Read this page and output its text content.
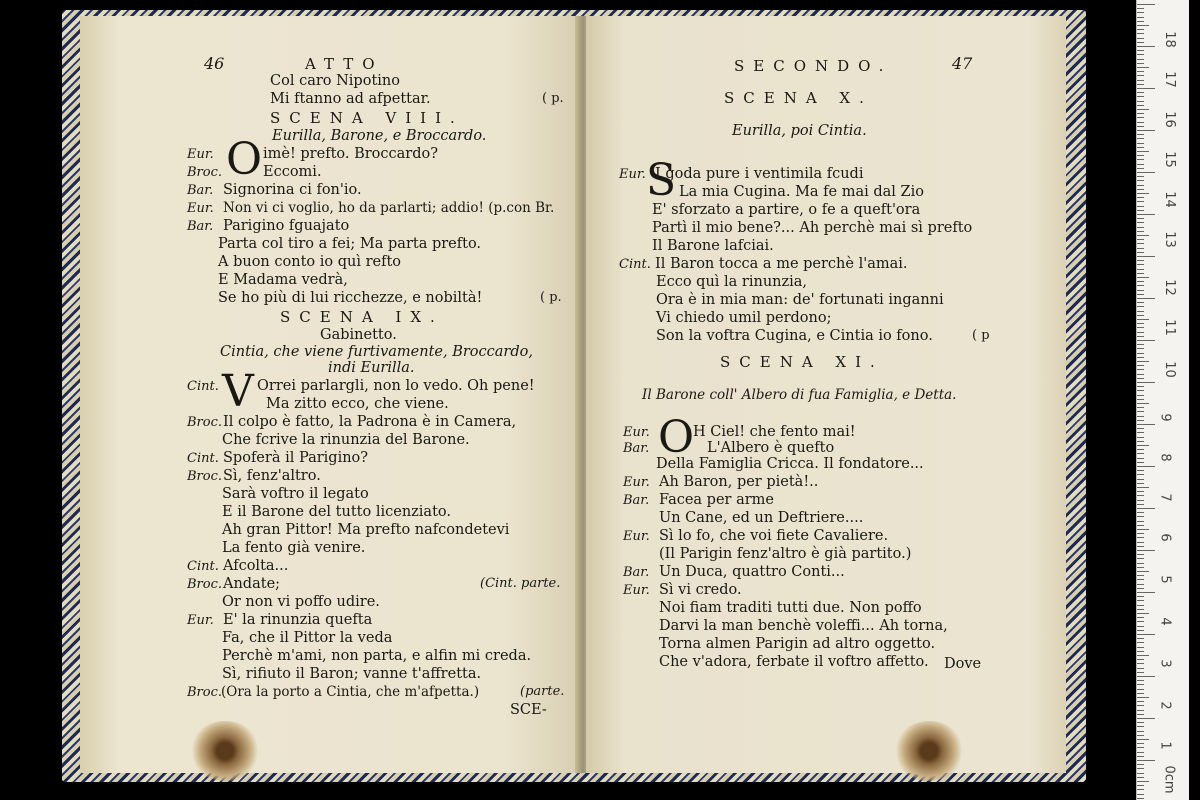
46	ATTO
Col caro Nipotino
Mi ftanno ad afpettar.	( p.
SCENA VIII.
Eurilla, Barone, e Broccardo.
O
Eur.	imè! prefto. Broccardo?
Broc.	Eccomi.
Bar. Signorina ci fon'io.
Eur. Non vi ci voglio, ho da parlarti; addio! (p.con Br.
Bar. Parigino fguajato
Parta col tiro a fei; Ma parta prefto.
A buon conto io quì refto
E Madama vedrà,
Se ho più di lui ricchezze, e nobiltà!	( p.
SCENA IX.
Gabinetto.
Cintia, che viene furtivamente, Broccardo,
indi Eurilla.
V
Cint.	Orrei parlargli, non lo vedo. Oh pene!
Ma zitto ecco, che viene.
Broc.Il colpo è fatto, la Padrona è in Camera,
Che fcrive la rinunzia del Barone.
Cint. Spoferà il Parigino?
Broc.Sì, fenz'altro.
Sarà voftro il legato
E il Barone del tutto licenziato.
Ah gran Pittor! Ma prefto nafcondetevi
La fento già venire.
Cint. Afcolta...
Broc.Andate;	(Cint. parte.
Or non vi poffo udire.
Eur. E' la rinunzia quefta
Fa, che il Pittor la veda
Perchè m'ami, non parta, e alfin mi creda.
Sì, rifiuto il Baron; vanne t'affretta.
Broc.(Ora la porto a Cintia, che m'afpetta.)	(parte.
SCE-
SECONDO.	47
SCENA X.
Eurilla, poi Cintia.
S
Eur. I goda pure i ventimila fcudi
La mia Cugina. Ma fe mai dal Zio
E' sforzato a partire, o fe a queft'ora
Partì il mio bene?... Ah perchè mai sì prefto
Il Barone lafciai.
Cint. Il Baron tocca a me perchè l'amai.
Ecco quì la rinunzia,
Ora è in mia man: de' fortunati inganni
Vi chiedo umil perdono;
Son la voftra Cugina, e Cintia io fono.	( p
SCENA XI.
Il Barone coll' Albero di fua Famiglia, e Detta.
O
Eur.	H Ciel! che fento mai!
Bar.	L'Albero è quefto
Della Famiglia Cricca. Il fondatore...
Eur. Ah Baron, per pietà!..
Bar. Facea per arme
Un Cane, ed un Deftriere....
Eur. Sì lo fo, che voi fiete Cavaliere.
(Il Parigin fenz'altro è già partito.)
Bar. Un Duca, quattro Conti...
Eur. Sì vi credo.
Noi fiam traditi tutti due. Non poffo
Darvi la man benchè voleffi... Ah torna,
Torna almen Parigin ad altro oggetto.
Che v'adora, ferbate il voftro affetto. Dove
18
17
16
15
14
13
12
11
10
9
8
7
6
5
4
3
2
1
0cm
